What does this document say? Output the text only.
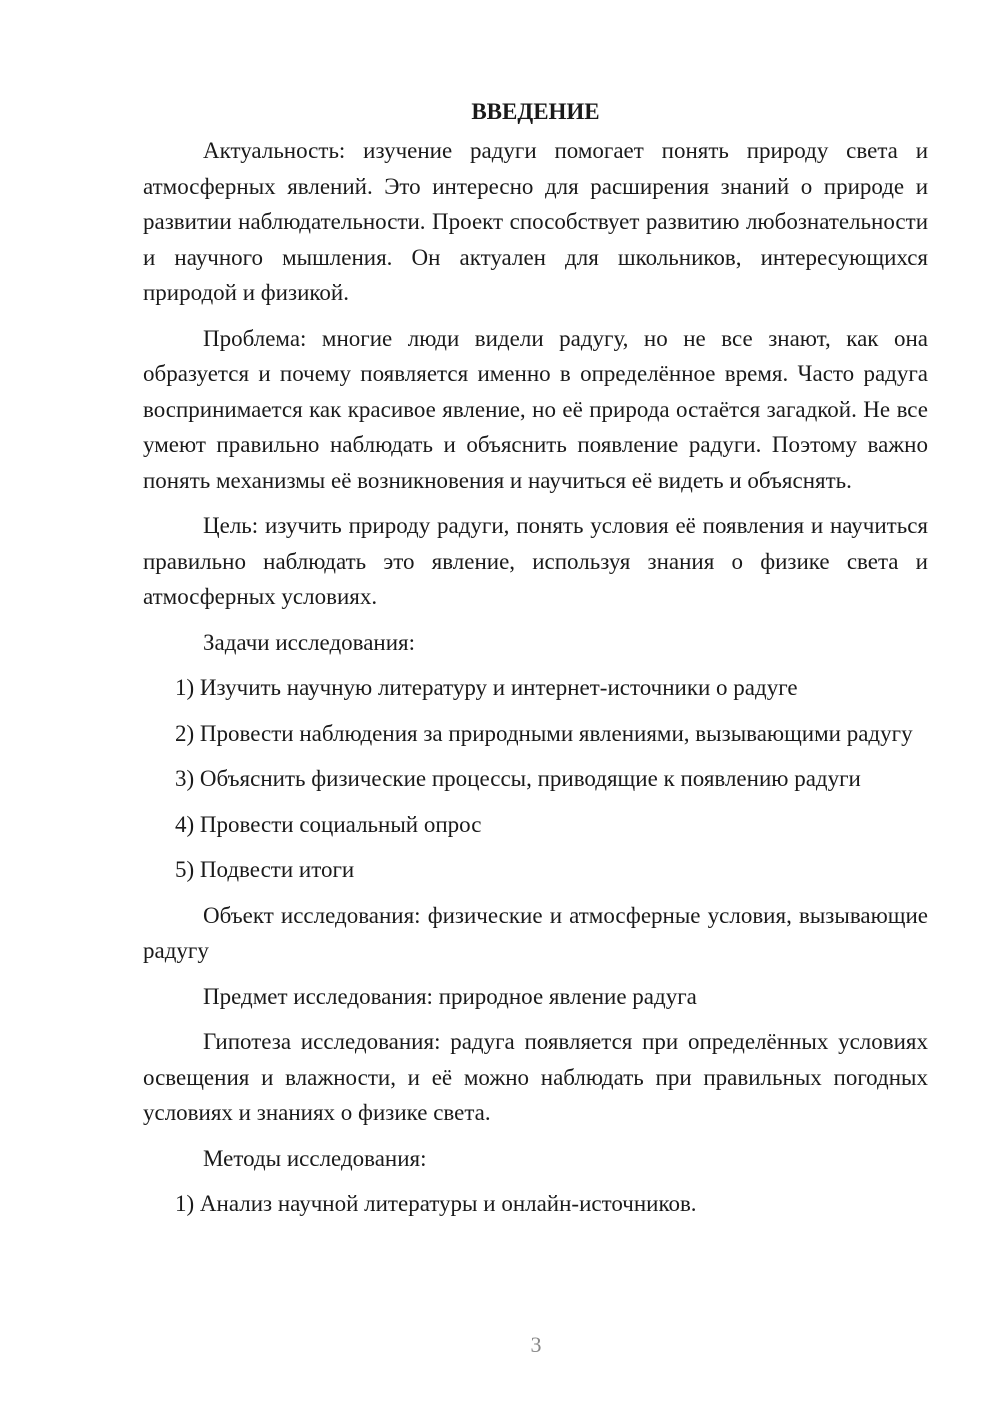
ВВЕДЕНИЕ
Актуальность: изучение радуги помогает понять природу света и атмосферных явлений. Это интересно для расширения знаний о природе и развитии наблюдательности. Проект способствует развитию любознательности и научного мышления. Он актуален для школьников, интересующихся природой и физикой.
Проблема: многие люди видели радугу, но не все знают, как она образуется и почему появляется именно в определённое время. Часто радуга воспринимается как красивое явление, но её природа остаётся загадкой. Не все умеют правильно наблюдать и объяснить появление радуги. Поэтому важно понять механизмы её возникновения и научиться её видеть и объяснять.
Цель: изучить природу радуги, понять условия её появления и научиться правильно наблюдать это явление, используя знания о физике света и атмосферных условиях.
Задачи исследования:
1) Изучить научную литературу и интернет-источники о радуге
2) Провести наблюдения за природными явлениями, вызывающими радугу
3) Объяснить физические процессы, приводящие к появлению радуги
4) Провести социальный опрос
5) Подвести итоги
Объект исследования: физические и атмосферные условия, вызывающие радугу
Предмет исследования: природное явление радуга
Гипотеза исследования: радуга появляется при определённых условиях освещения и влажности, и её можно наблюдать при правильных погодных условиях и знаниях о физике света.
Методы исследования:
1) Анализ научной литературы и онлайн-источников.
3
